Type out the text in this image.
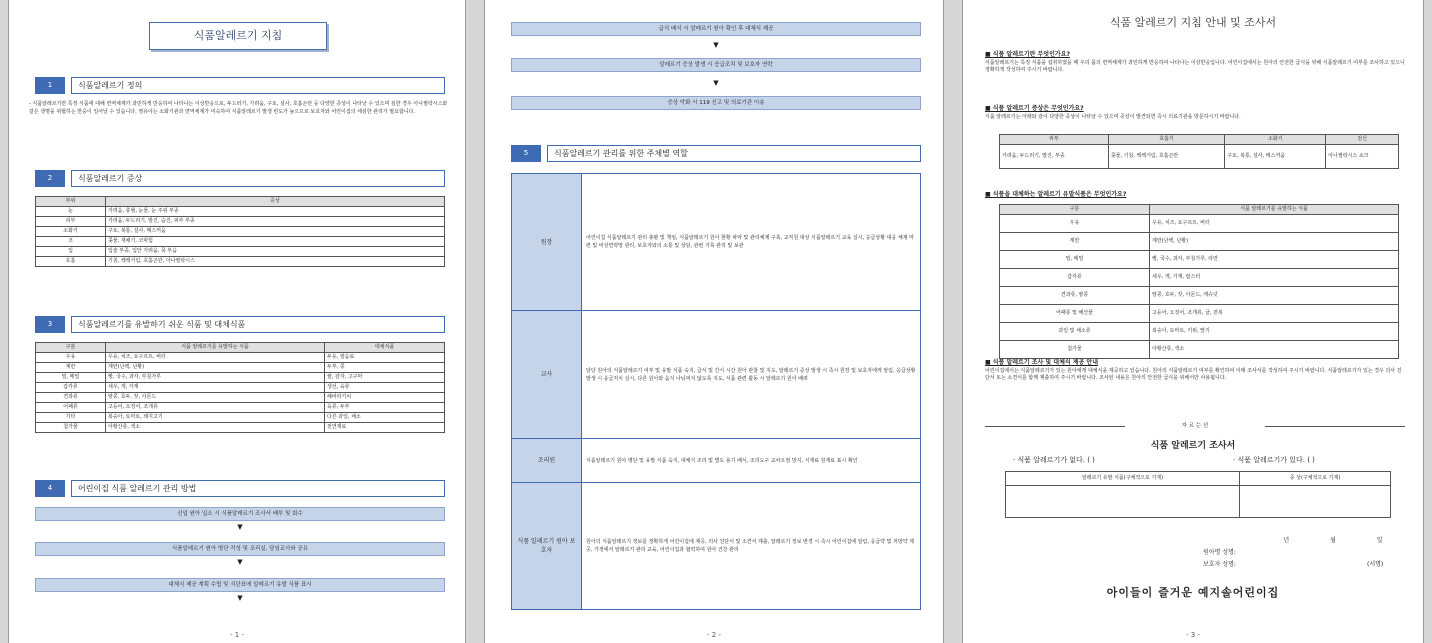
식품알레르기 지침
1	식품알레르기 정의
- 식품알레르기란 특정 식품에 대해 면역체계가 과민하게 반응하여 나타나는 이상반응으로, 두드러기, 가려움, 구토, 설사, 호흡곤란 등 다양한 증상이 나타날 수 있으며 심한 경우 아나필락시스와 같은 생명을 위협하는 반응이 일어날 수 있습니다. 영유아는 소화기관과 면역체계가 미숙하여 식품알레르기 발생 빈도가 높으므로 보호자와 어린이집의 세심한 관리가 필요합니다.
2	식품알레르기 증상
부위	증상
눈	가려움, 충혈, 눈물, 눈 주위 부종
피부	가려움, 두드러기, 발진, 습진, 피부 부종
소화기	구토, 복통, 설사, 메스꺼움
코	콧물, 재채기, 코막힘
입	입술 부종, 입안 가려움, 목 부음
호흡	기침, 쌕쌕거림, 호흡곤란, 아나필락시스
3	식품알레르기를 유발하기 쉬운 식품 및 대체식품
구분	식품 알레르기를 유발하는 식품	대체식품
우유	우유, 치즈, 요구르트, 버터	두유, 쌀음료
계란	계란(난백, 난황)	두부, 콩
밀, 메밀	빵, 국수, 과자, 부침가루	쌀, 감자, 고구마
갑각류	새우, 게, 가재	생선, 육류
견과류	땅콩, 호두, 잣, 아몬드	해바라기씨
어패류	고등어, 오징어, 조개류	육류, 두부
기타	복숭아, 토마토, 돼지고기	다른 과일, 채소
첨가물	아황산류, 색소	천연재료
4	어린이집 식품 알레르기 관리 방법
신입 원아 입소 시 식품알레르기 조사서 배부 및 회수
▼
식품알레르기 원아 명단 작성 및 조리실, 담임교사와 공유
▼
대체식 제공 계획 수립 및 식단표에 알레르기 유발 식품 표시
▼
- 1 -
급식 배식 시 알레르기 원아 확인 후 대체식 제공
▼
알레르기 증상 발생 시 응급조치 및 보호자 연락
▼
증상 악화 시 119 신고 및 의료기관 이송
5	식품알레르기 관리를 위한 주체별 역할
원장	어린이집 식품알레르기 관리 총괄 및 책임, 식품알레르기 원아 현황 파악 및 관리체계 구축, 교직원 대상 식품알레르기 교육 실시, 응급상황 대응 체계 마련 및 비상연락망 관리, 보호자와의 소통 및 상담, 관련 기록 관리 및 보관
교사	담당 원아의 식품알레르기 여부 및 유발 식품 숙지, 급식 및 간식 시간 원아 관찰 및 지도, 알레르기 증상 발생 시 즉시 원장 및 보호자에게 알림, 응급상황 발생 시 응급처치 실시, 다른 원아와 음식 나눠먹지 않도록 지도, 식품 관련 활동 시 알레르기 원아 배려
조리원	식품알레르기 원아 명단 및 유발 식품 숙지, 대체식 조리 및 별도 용기 배식, 조리도구 교차오염 방지, 식재료 원재료 표시 확인
식품 알레르기 원아 보호자	원아의 식품알레르기 정보를 정확하게 어린이집에 제공, 의사 진단서 및 소견서 제출, 알레르기 정보 변경 시 즉시 어린이집에 알림, 응급약 및 처방약 제공, 가정에서 알레르기 관리 교육, 어린이집과 협력하여 원아 건강 관리
- 2 -
식품 알레르기 지침 안내 및 조사서
■ 식품 알레르기란 무엇인가요?
식품알레르기는 특정 식품을 섭취하였을 때 우리 몸의 면역체계가 과민하게 반응하여 나타나는 이상반응입니다. 어린이집에서는 원아의 안전한 급식을 위해 식품알레르기 여부를 조사하고 있으니 정확하게 작성하여 주시기 바랍니다.
■ 식품 알레르기 증상은 무엇인가요?
식품 알레르기는 아래와 같이 다양한 증상이 나타날 수 있으며 증상이 발견되면 즉시 의료기관을 방문하시기 바랍니다.
피부	호흡기	소화기	전신
가려움, 두드러기, 발진, 부종	콧물, 기침, 쌕쌕거림, 호흡곤란	구토, 복통, 설사, 메스꺼움	아나필락시스 쇼크
■ 식품을 대체하는 알레르기 유발식품은 무엇인가요?
구분	식품 알레르기를 유발하는 식품
우유	우유, 치즈, 요구르트, 버터
계란	계란(난백, 난황)
밀, 메밀	빵, 국수, 과자, 부침가루, 라면
갑각류	새우, 게, 가재, 랍스터
견과류, 땅콩	땅콩, 호두, 잣, 아몬드, 캐슈넛
어패류 및 해산물	고등어, 오징어, 조개류, 굴, 전복
과일 및 채소류	복숭아, 토마토, 키위, 딸기
첨가물	아황산류, 색소
■ 식품 알레르기 조사 및 대체식 제공 안내
어린이집에서는 식품알레르기가 있는 원아에게 대체식을 제공하고 있습니다. 원아의 식품알레르기 여부를 확인하여 아래 조사서를 작성하여 주시기 바랍니다. 식품알레르기가 있는 경우 의사 진단서 또는 소견서를 함께 제출하여 주시기 바랍니다. 조사된 내용은 원아의 안전한 급식을 위해서만 사용됩니다.
자 르 는 선
식품 알레르기 조사서
· 식품 알레르기가 없다. ( )	· 식품 알레르기가 있다. ( )
알레르기 유발 식품(구체적으로 기재)	증 상(구체적으로 기재)

년	월	일
원아명 성명:
보호자 성명:	(서명)
아이들이 즐거운 예지솔어린이집
- 3 -
